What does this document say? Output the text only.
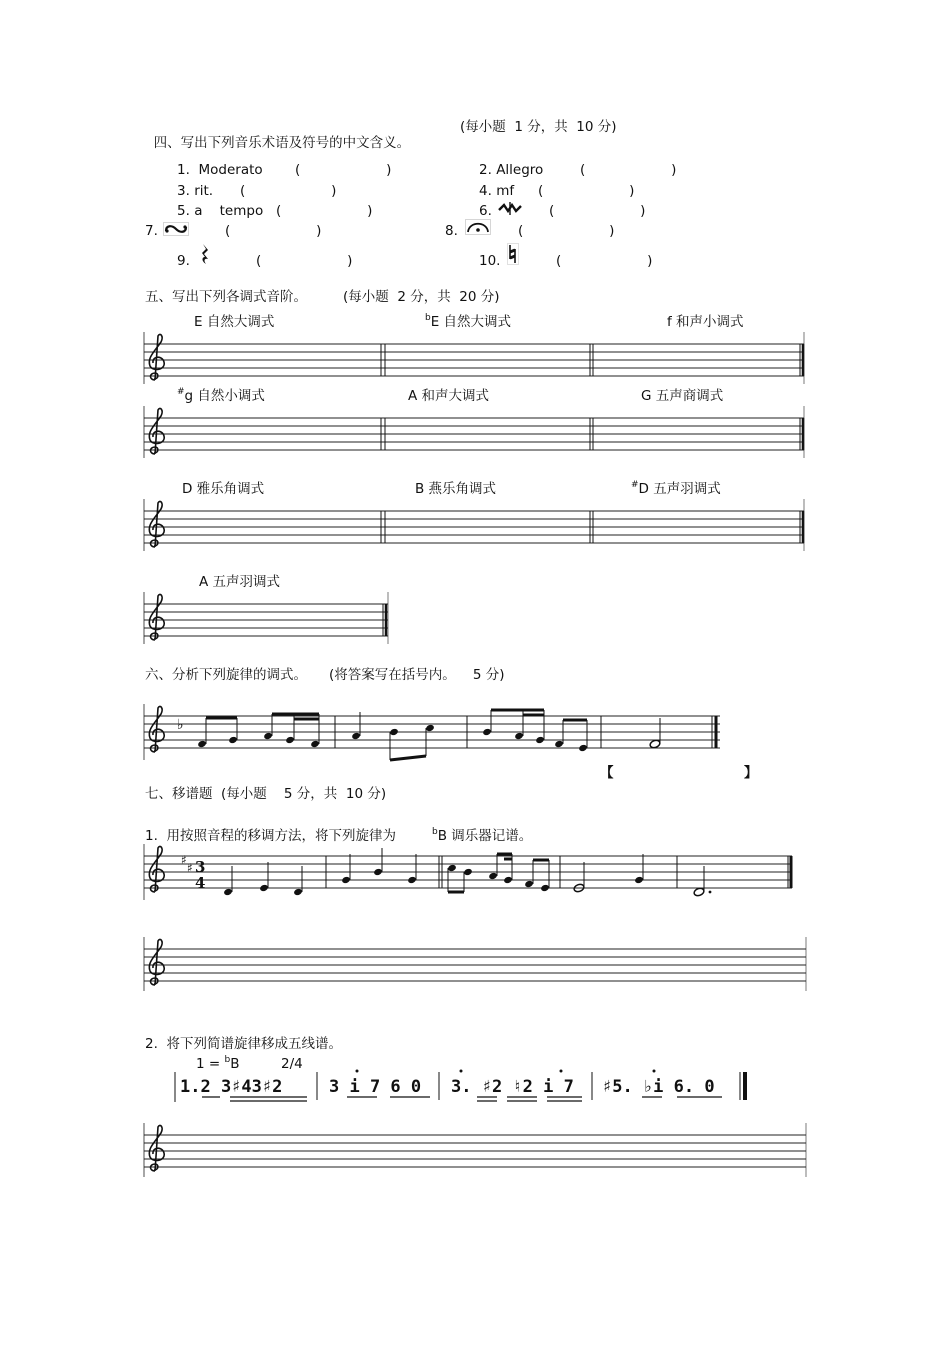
四、写出下列音乐术语及符号的中文含义。

(每小题  1 分，共  10 分)
1. Moderato (                    )	2. Allegro	(                    )
3. rit. (                    )	4. mf (                    )
5. a    tempo (                    )	6.	(                    )
7.	(                    )	8.	(                    )
9.	(                    )	10.	(                    )
五、写出下列各调式音阶。	(每小题  2 分，共  20 分)
E 自然大调式	$^b$E 自然大调式	f 和声小调式
#g 自然小调式	A 和声大调式	G 五声商调式
D 雅乐角调式	B 燕乐角调式	#D 五声羽调式
A 五声羽调式
六、分析下列旋律的调式。 (将答案写在括号内。    5 分)
♭
【	】
七、移谱题 (每小题    5 分，共  10 分)
1.  用按照音程的移调方法，将下列旋律为	$^b$B 调乐器记谱。
♯
♯ 3
4
2.  将下列简谱旋律移成五线谱。
1 = $^b$B	2/4
1.2 3♯43♯2	3 i 7 6 0 3. ♯2 ♮2 i 7 ♯5. ♭i 6. 0
